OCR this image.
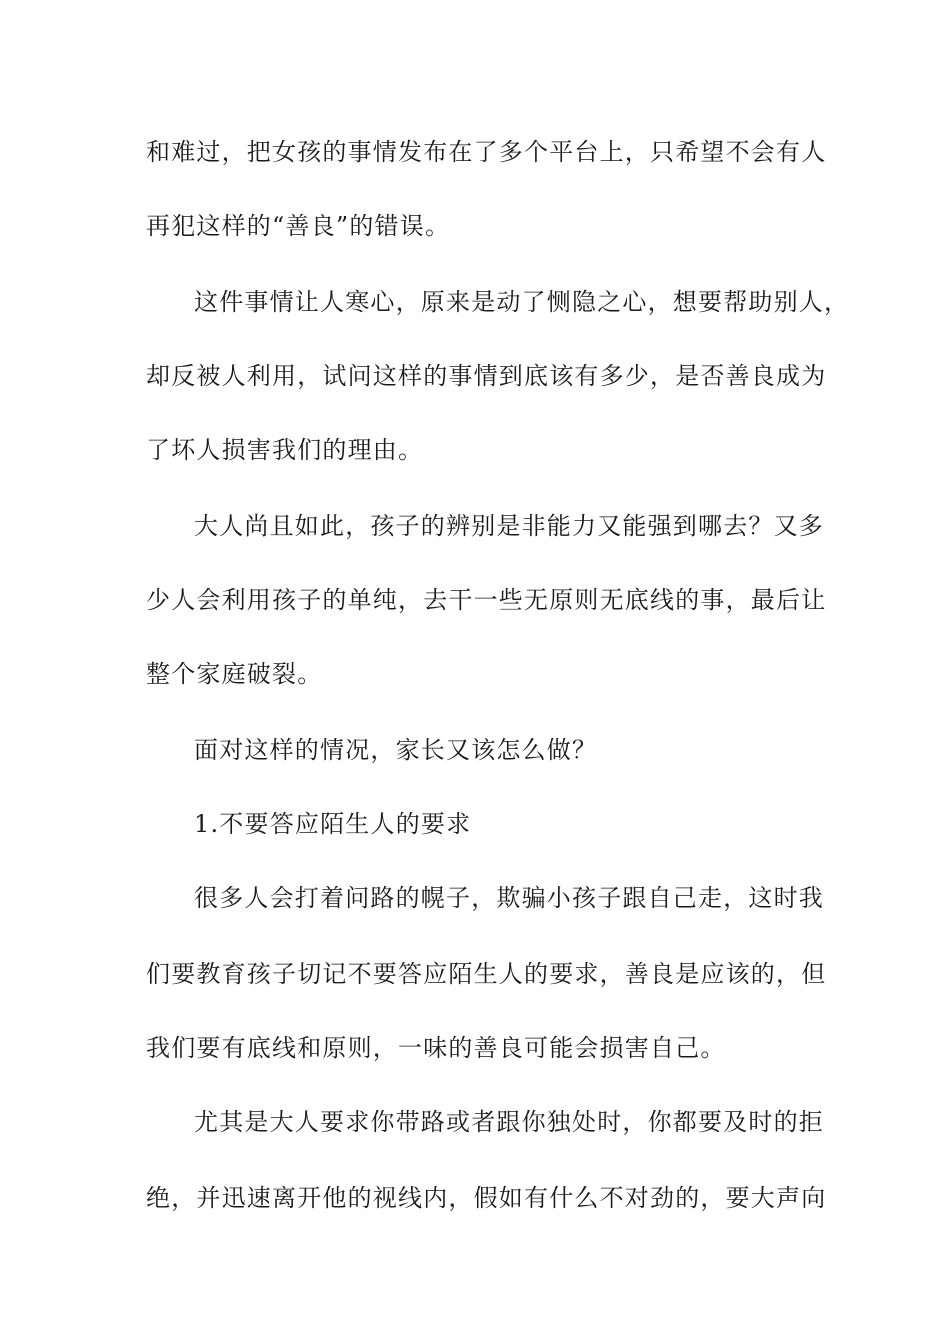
和难过，把女孩的事情发布在了多个平台上，只希望不会有人
再犯这样的“善良”的错误。
这件事情让人寒心，原来是动了恻隐之心，想要帮助别人，
却反被人利用，试问这样的事情到底该有多少，是否善良成为
了坏人损害我们的理由。
大人尚且如此，孩子的辨别是非能力又能强到哪去？又多
少人会利用孩子的单纯，去干一些无原则无底线的事，最后让
整个家庭破裂。
面对这样的情况，家长又该怎么做？
1.不要答应陌生人的要求
很多人会打着问路的幌子，欺骗小孩子跟自己走，这时我
们要教育孩子切记不要答应陌生人的要求，善良是应该的，但
我们要有底线和原则，一味的善良可能会损害自己。
尤其是大人要求你带路或者跟你独处时，你都要及时的拒
绝，并迅速离开他的视线内，假如有什么不对劲的，要大声向
